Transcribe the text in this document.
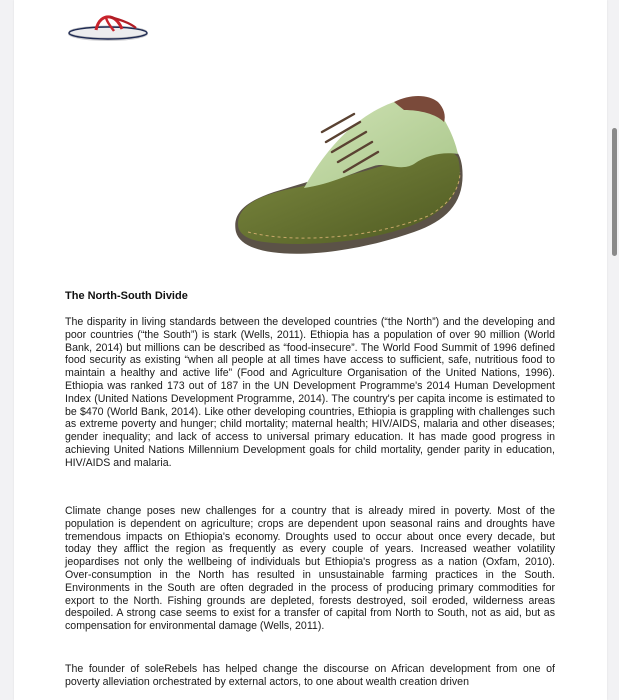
The North-South Divide

The disparity in living standards between the developed countries (“the North”) and the developing and poor countries (“the South”) is stark (Wells, 2011). Ethiopia has a population of over 90 million (World Bank, 2014) but millions can be described as “food-insecure”. The World Food Summit of 1996 defined food security as existing “when all people at all times have access to sufficient, safe, nutritious food to maintain a healthy and active life” (Food and Agriculture Organisation of the United Nations, 1996). Ethiopia was ranked 173 out of 187 in the UN Development Programme's 2014 Human Development Index (United Nations Development Programme, 2014). The country's per capita income is estimated to be $470 (World Bank, 2014). Like other developing countries, Ethiopia is grappling with challenges such as extreme poverty and hunger; child mortality; maternal health; HIV/AIDS, malaria and other diseases; gender inequality; and lack of access to universal primary education. It has made good progress in achieving United Nations Millennium Development goals for child mortality, gender parity in education, HIV/AIDS and malaria.

Climate change poses new challenges for a country that is already mired in poverty. Most of the population is dependent on agriculture; crops are dependent upon seasonal rains and droughts have tremendous impacts on Ethiopia's economy. Droughts used to occur about once every decade, but today they afflict the region as frequently as every couple of years. Increased weather volatility jeopardises not only the wellbeing of individuals but Ethiopia's progress as a nation (Oxfam, 2010). Over-consumption in the North has resulted in unsustainable farming practices in the South. Environments in the South are often degraded in the process of producing primary commodities for export to the North. Fishing grounds are depleted, forests destroyed, soil eroded, wilderness areas despoiled. A strong case seems to exist for a transfer of capital from North to South, not as aid, but as compensation for environmental damage (Wells, 2011).

The founder of soleRebels has helped change the discourse on African development from one of poverty alleviation orchestrated by external actors, to one about wealth creation driven
